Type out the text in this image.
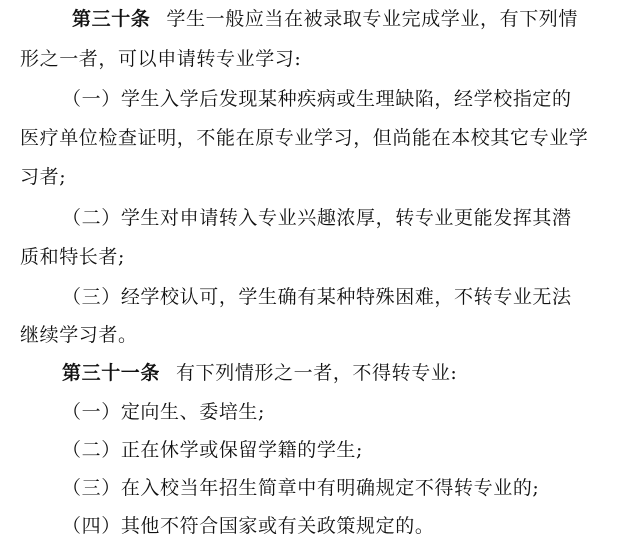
第三十条 学生一般应当在被录取专业完成学业，有下列情
形之一者，可以申请转专业学习:
（一）学生入学后发现某种疾病或生理缺陷，经学校指定的
医疗单位检查证明，不能在原专业学习，但尚能在本校其它专业学
习者;
（二）学生对申请转入专业兴趣浓厚，转专业更能发挥其潜
质和特长者;
（三）经学校认可，学生确有某种特殊困难，不转专业无法
继续学习者。
第三十一条 有下列情形之一者，不得转专业:
（一）定向生、委培生;
（二）正在休学或保留学籍的学生;
（三）在入校当年招生简章中有明确规定不得转专业的;
（四）其他不符合国家或有关政策规定的。
